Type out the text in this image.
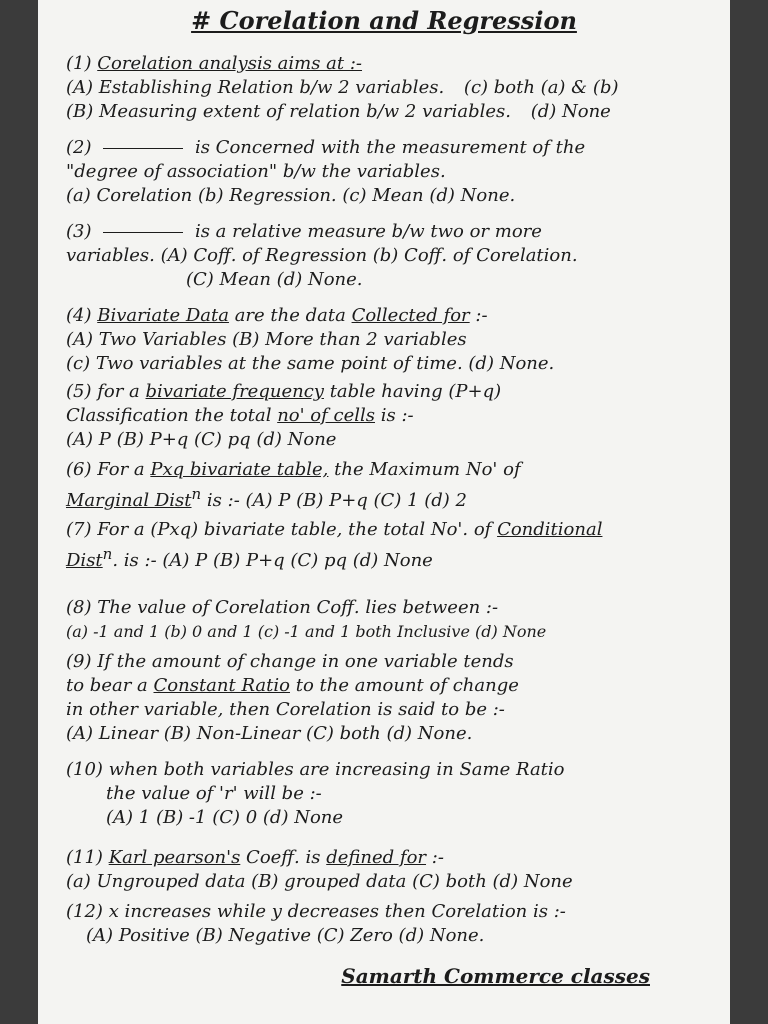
# Corelation and Regression
(1) Corelation analysis aims at :-
(A) Establishing Relation b/w 2 variables. (c) both (a) & (b)
(B) Measuring extent of relation b/w 2 variables. (d) None
(2)	is Concerned with the measurement of the
"degree of association" b/w the variables.
(a) Corelation (b) Regression. (c) Mean (d) None.
(3)	is a relative measure b/w two or more
variables. (A) Coff. of Regression (b) Coff. of Corelation.
(C) Mean (d) None.
(4) Bivariate Data are the data Collected for :-
(A) Two Variables (B) More than 2 variables
(c) Two variables at the same point of time. (d) None.
(5) for a bivariate frequency table having (P+q)
Classification the total no' of cells is :-
(A) P (B) P+q (C) pq (d) None
(6) For a Pxq bivariate table, the Maximum No' of
Marginal Dist$^n$ is :- (A) P (B) P+q (C) 1 (d) 2
(7) For a (Pxq) bivariate table, the total No'. of Conditional
Dist$^n$. is :- (A) P (B) P+q (C) pq (d) None
(8) The value of Corelation Coff. lies between :-
(a) -1 and 1 (b) 0 and 1 (c) -1 and 1 both Inclusive (d) None
(9) If the amount of change in one variable tends
to bear a Constant Ratio to the amount of change
in other variable, then Corelation is said to be :-
(A) Linear (B) Non-Linear (C) both (d) None.
(10) when both variables are increasing in Same Ratio
the value of 'r' will be :-
(A) 1 (B) -1 (C) 0 (d) None
(11) Karl pearson's Coeff. is defined for :-
(a) Ungrouped data (B) grouped data (C) both (d) None
(12) x increases while y decreases then Corelation is :-
(A) Positive (B) Negative (C) Zero (d) None.
Samarth Commerce classes
